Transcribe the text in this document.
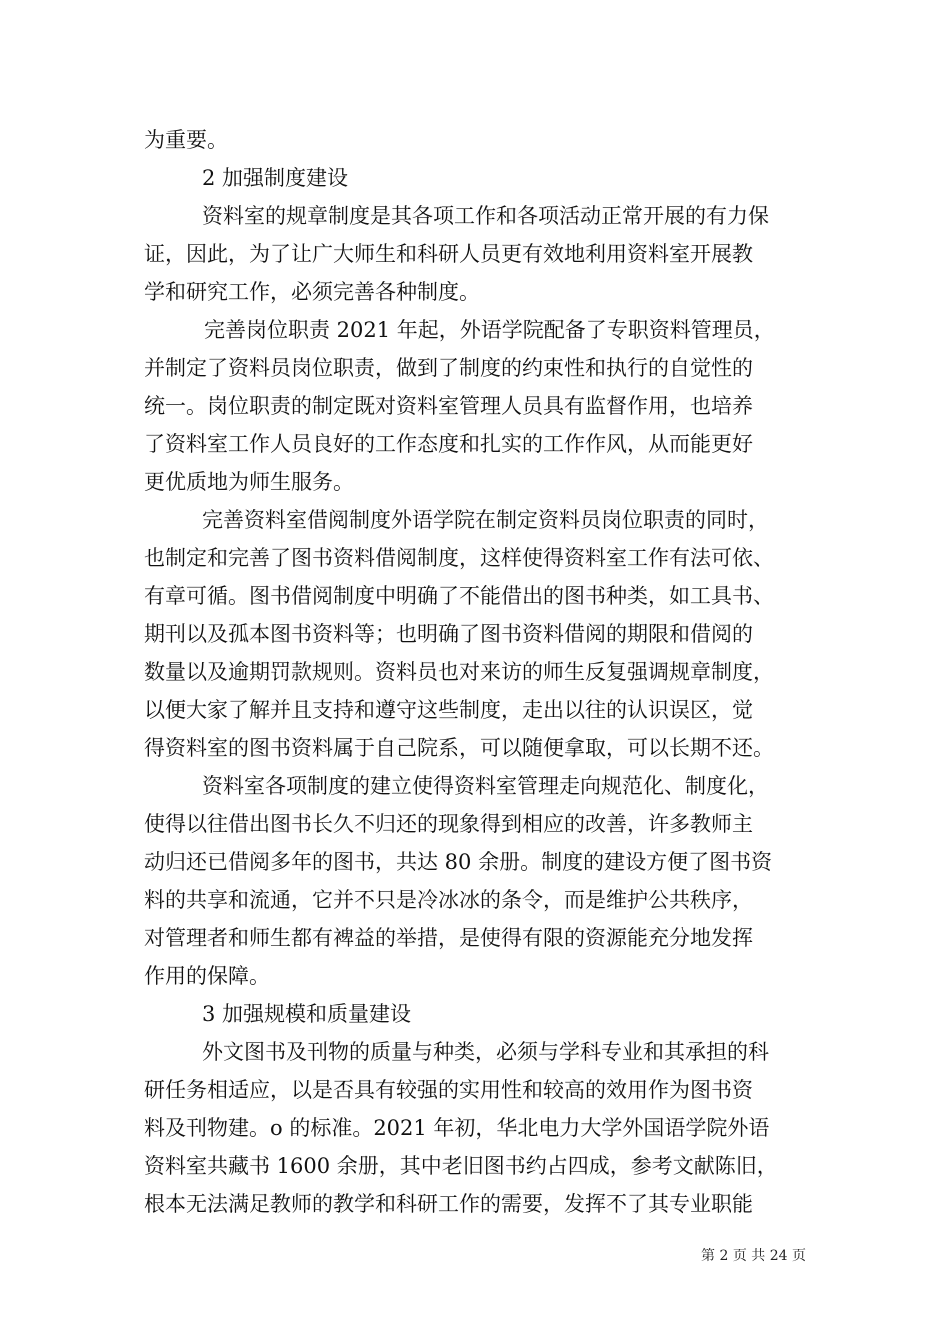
为重要。
2 加强制度建设
资料室的规章制度是其各项工作和各项活动正常开展的有力保
证，因此，为了让广大师生和科研人员更有效地利用资料室开展教
学和研究工作，必须完善各种制度。
完善岗位职责 2021 年起，外语学院配备了专职资料管理员，
并制定了资料员岗位职责，做到了制度的约束性和执行的自觉性的
统一。岗位职责的制定既对资料室管理人员具有监督作用，也培养
了资料室工作人员良好的工作态度和扎实的工作作风，从而能更好
更优质地为师生服务。
完善资料室借阅制度外语学院在制定资料员岗位职责的同时，
也制定和完善了图书资料借阅制度，这样使得资料室工作有法可依、
有章可循。图书借阅制度中明确了不能借出的图书种类，如工具书、
期刊以及孤本图书资料等；也明确了图书资料借阅的期限和借阅的
数量以及逾期罚款规则。资料员也对来访的师生反复强调规章制度，
以便大家了解并且支持和遵守这些制度，走出以往的认识误区，觉
得资料室的图书资料属于自己院系，可以随便拿取，可以长期不还。
资料室各项制度的建立使得资料室管理走向规范化、制度化，
使得以往借出图书长久不归还的现象得到相应的改善，许多教师主
动归还已借阅多年的图书，共达 80 余册。制度的建设方便了图书资
料的共享和流通，它并不只是冷冰冰的条令，而是维护公共秩序，
对管理者和师生都有裨益的举措，是使得有限的资源能充分地发挥
作用的保障。
3 加强规模和质量建设
外文图书及刊物的质量与种类，必须与学科专业和其承担的科
研任务相适应，以是否具有较强的实用性和较高的效用作为图书资
料及刊物建。o 的标准。2021 年初，华北电力大学外国语学院外语
资料室共藏书 1600 余册，其中老旧图书约占四成，参考文献陈旧，
根本无法满足教师的教学和科研工作的需要，发挥不了其专业职能
第 2 页 共 24 页
